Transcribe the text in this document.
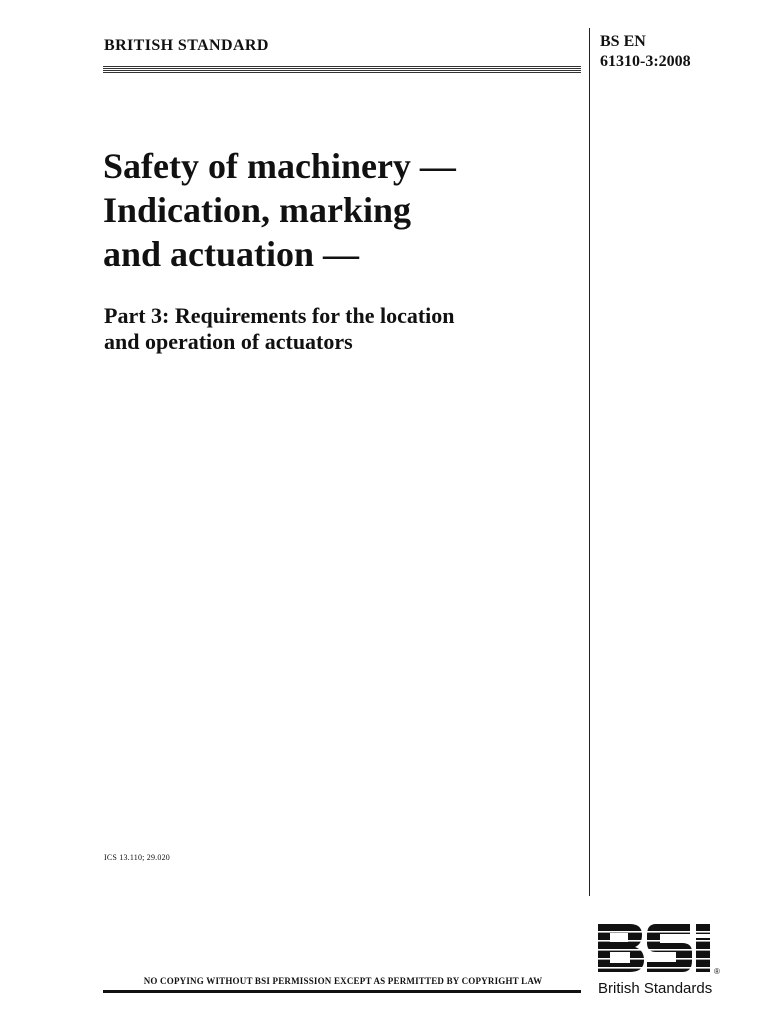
BRITISH STANDARD	BS EN
61310-3:2008
Safety of machinery —
Indication, marking
and actuation —
Part 3: Requirements for the location
and operation of actuators
ICS 13.110; 29.020
NO COPYING WITHOUT BSI PERMISSION EXCEPT AS PERMITTED BY COPYRIGHT LAW
®
British Standards
